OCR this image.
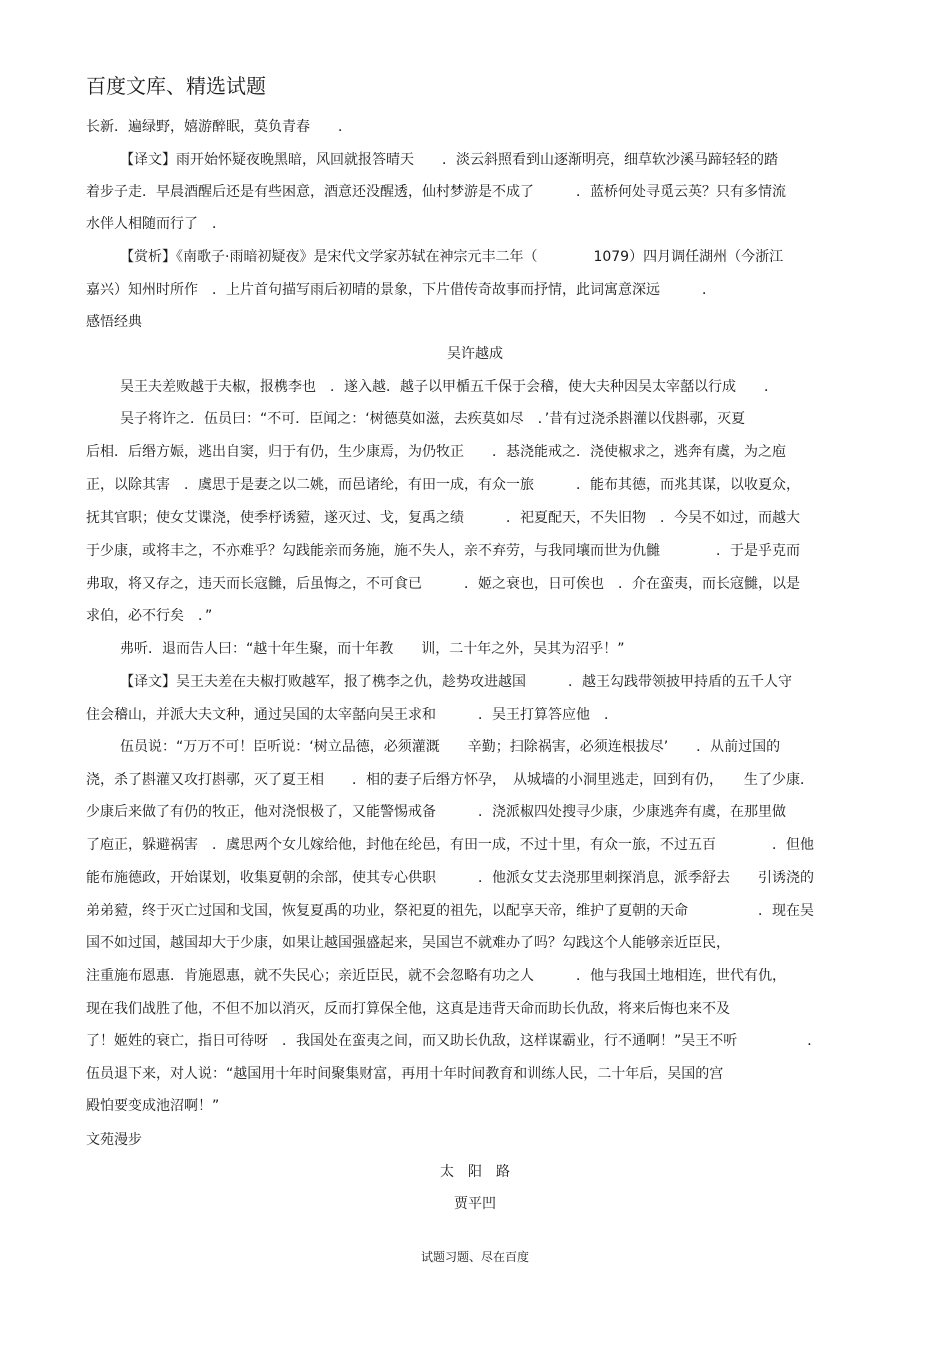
百度文库、精选试题
长新．遍绿野，嬉游醉眠，莫负青春　　．
【译文】雨开始怀疑夜晚黑暗，风回就报答晴天　　．淡云斜照看到山逐渐明亮，细草软沙溪马蹄轻轻的踏
着步子走．早晨酒醒后还是有些困意，酒意还没醒透，仙村梦游是不成了　　　．蓝桥何处寻觅云英？只有多情流
水伴人相随而行了　．
【赏析】《南歌子·雨暗初疑夜》是宋代文学家苏轼在神宗元丰二年（　　　　1079）四月调任湖州（今浙江
嘉兴）知州时所作　．上片首句描写雨后初晴的景象，下片借传奇故事而抒情，此词寓意深远　　　．
感悟经典
吴许越成
吴王夫差败越于夫椒，报槜李也　．遂入越．越子以甲楯五千保于会稽，使大夫种因吴太宰嚭以行成　　．
吴子将许之．伍员曰：“不可．臣闻之：‘树德莫如滋，去疾莫如尽　．’昔有过浇杀斟灌以伐斟鄩，灭夏
后相．后缗方娠，逃出自窦，归于有仍，生少康焉，为仍牧正　　．惎浇能戒之．浇使椒求之，逃奔有虞，为之庖
正，以除其害　．虞思于是妻之以二姚，而邑诸纶，有田一成，有众一旅　　　．能布其德，而兆其谋，以收夏众，
抚其官职；使女艾谍浇，使季杼诱豷，遂灭过、戈，复禹之绩　　　．祀夏配天，不失旧物　．今吴不如过，而越大
于少康，或将丰之，不亦难乎？勾践能亲而务施，施不失人，亲不弃劳，与我同壤而世为仇雠　　　　．于是乎克而
弗取，将又存之，违天而长寇雠，后虽悔之，不可食已　　　．姬之衰也，日可俟也　．介在蛮夷，而长寇雠，以是
求伯，必不行矣　．”
弗听．退而告人曰：“越十年生聚，而十年教　　训，二十年之外，吴其为沼乎！”
【译文】吴王夫差在夫椒打败越军，报了槜李之仇，趁势攻进越国　　　．越王勾践带领披甲持盾的五千人守
住会稽山，并派大夫文种，通过吴国的太宰嚭向吴王求和　　　．吴王打算答应他　．
伍员说：“万万不可！臣听说：‘树立品德，必须灌溉　　辛勤；扫除祸害，必须连根拔尽’　　．从前过国的
浇，杀了斟灌又攻打斟鄩，灭了夏王相　　．相的妻子后缗方怀孕，　从城墙的小洞里逃走，回到有仍，　　生了少康．
少康后来做了有仍的牧正，他对浇恨极了，又能警惕戒备　　　．浇派椒四处搜寻少康，少康逃奔有虞，在那里做
了庖正，躲避祸害　．虞思两个女儿嫁给他，封他在纶邑，有田一成，不过十里，有众一旅，不过五百　　　　．但他
能布施德政，开始谋划，收集夏朝的余部，使其专心供职　　　．他派女艾去浇那里刺探消息，派季舒去　　引诱浇的
弟弟豷，终于灭亡过国和戈国，恢复夏禹的功业，祭祀夏的祖先，以配享天帝，维护了夏朝的天命　　　　　．现在吴
国不如过国，越国却大于少康，如果让越国强盛起来，吴国岂不就难办了吗？勾践这个人能够亲近臣民，
注重施布恩惠．肯施恩惠，就不失民心；亲近臣民，就不会忽略有功之人　　　．他与我国土地相连，世代有仇，
现在我们战胜了他，不但不加以消灭，反而打算保全他，这真是违背天命而助长仇敌，将来后悔也来不及
了！姬姓的衰亡，指日可待呀　．我国处在蛮夷之间，而又助长仇敌，这样谋霸业，行不通啊！”吴王不听　　　　　．
伍员退下来，对人说：“越国用十年时间聚集财富，再用十年时间教育和训练人民，二十年后，吴国的宫
殿怕要变成池沼啊！”
文苑漫步
太　阳　路
贾平凹
试题习题、尽在百度
